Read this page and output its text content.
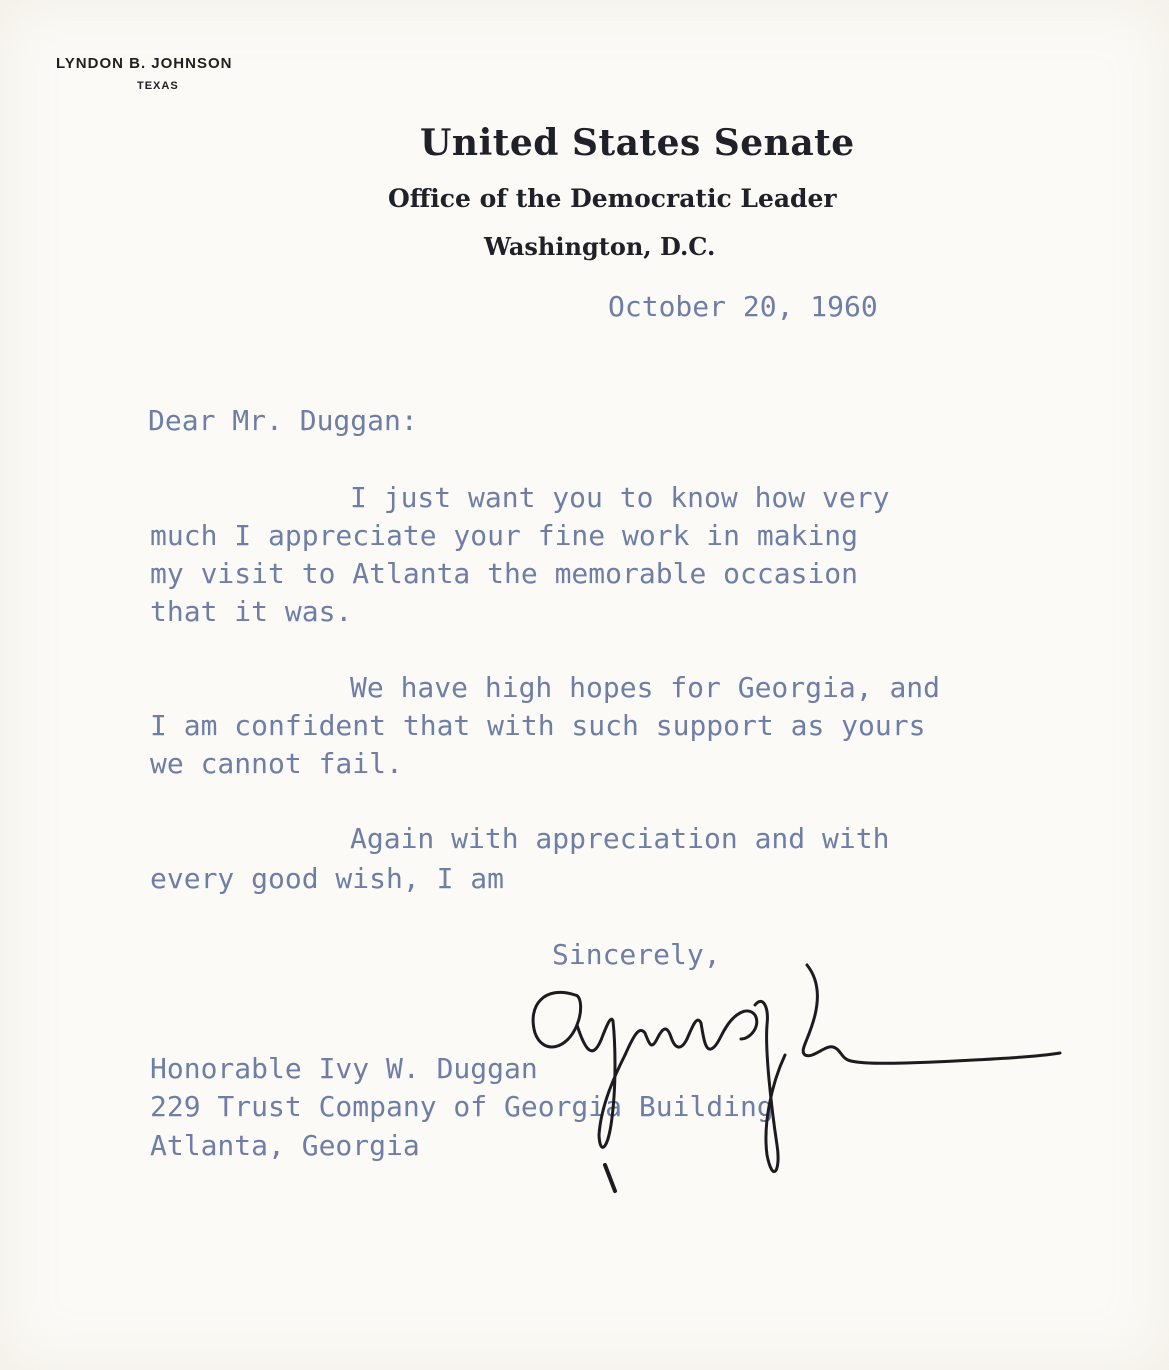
LYNDON B. JOHNSON
TEXAS
United States Senate
Office of the Democratic Leader
Washington, D.C.
October 20, 1960
Dear Mr. Duggan:
I just want you to know how very
much I appreciate your fine work in making
my visit to Atlanta the memorable occasion
that it was.
We have high hopes for Georgia, and
I am confident that with such support as yours
we cannot fail.
Again with appreciation and with
every good wish, I am
Sincerely,
Honorable Ivy W. Duggan
229 Trust Company of Georgia Building
Atlanta, Georgia
